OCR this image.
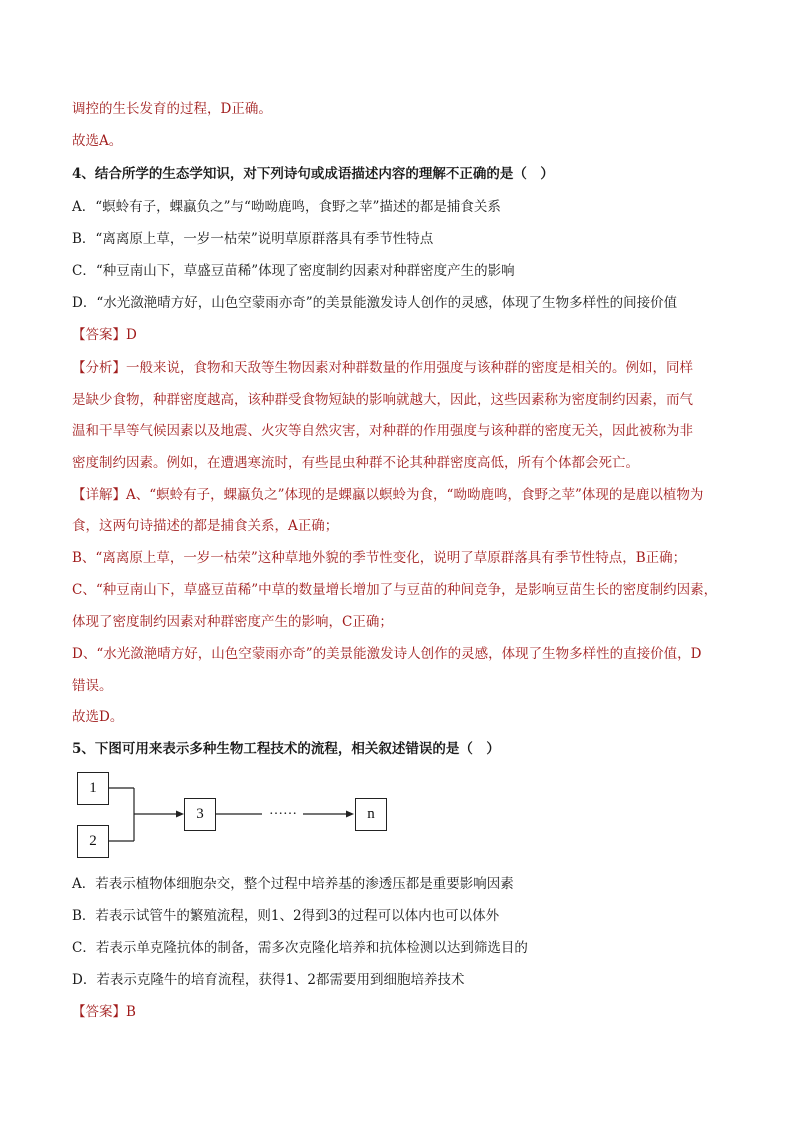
调控的生长发育的过程，D正确。
故选A。
4、结合所学的生态学知识，对下列诗句或成语描述内容的理解不正确的是（　）
A．“螟蛉有子，蜾蠃负之”与“呦呦鹿鸣，食野之苹”描述的都是捕食关系
B．“离离原上草，一岁一枯荣”说明草原群落具有季节性特点
C．“种豆南山下，草盛豆苗稀”体现了密度制约因素对种群密度产生的影响
D．“水光潋滟晴方好，山色空蒙雨亦奇”的美景能激发诗人创作的灵感，体现了生物多样性的间接价值
【答案】D
【分析】一般来说，食物和天敌等生物因素对种群数量的作用强度与该种群的密度是相关的。例如，同样
是缺少食物，种群密度越高，该种群受食物短缺的影响就越大，因此，这些因素称为密度制约因素，而气
温和干旱等气候因素以及地震、火灾等自然灾害，对种群的作用强度与该种群的密度无关，因此被称为非
密度制约因素。例如，在遭遇寒流时，有些昆虫种群不论其种群密度高低，所有个体都会死亡。
【详解】A、“螟蛉有子，蜾蠃负之”体现的是蜾蠃以螟蛉为食，“呦呦鹿鸣，食野之苹”体现的是鹿以植物为
食，这两句诗描述的都是捕食关系，A正确；
B、“离离原上草，一岁一枯荣”这种草地外貌的季节性变化，说明了草原群落具有季节性特点，B正确；
C、“种豆南山下，草盛豆苗稀”中草的数量增长增加了与豆苗的种间竞争，是影响豆苗生长的密度制约因素，
体现了密度制约因素对种群密度产生的影响，C正确；
D、“水光潋滟晴方好，山色空蒙雨亦奇”的美景能激发诗人创作的灵感，体现了生物多样性的直接价值，D
错误。
故选D。
5、下图可用来表示多种生物工程技术的流程，相关叙述错误的是（　）
1
2
3	……	n
A．若表示植物体细胞杂交，整个过程中培养基的渗透压都是重要影响因素
B．若表示试管牛的繁殖流程，则1、2得到3的过程可以体内也可以体外
C．若表示单克隆抗体的制备，需多次克隆化培养和抗体检测以达到筛选目的
D．若表示克隆牛的培育流程，获得1、2都需要用到细胞培养技术
【答案】B
